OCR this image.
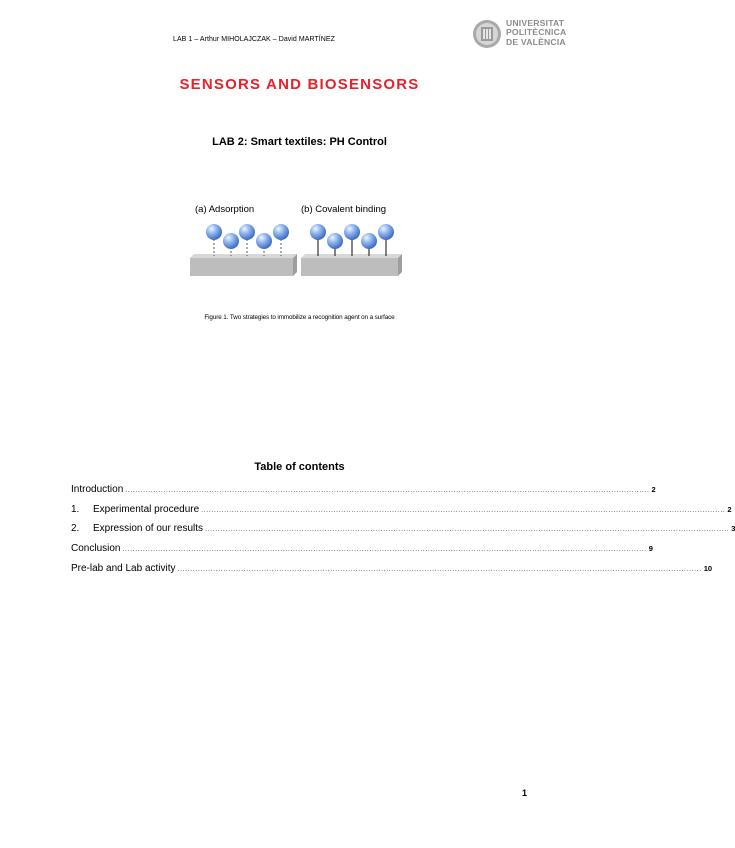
LAB 1 – Arthur MIHOLAJCZAK – David MARTÍNEZ
UNIVERSITAT
POLITÈCNICA
DE VALÈNCIA
SENSORS AND BIOSENSORS
LAB 2: Smart textiles: PH Control
(a) Adsorption	(b) Covalent binding
Figure 1. Two strategies to immobilize a recognition agent on a surface
Table of contents
Introduction .............................................................................................................................................................................................................. 2
1.	Experimental procedure .............................................................................................................................................................................................................. 2
2.	Expression of our results .............................................................................................................................................................................................................. 3
Conclusion .............................................................................................................................................................................................................. 9
Pre-lab and Lab activity .............................................................................................................................................................................................................. 10
1
